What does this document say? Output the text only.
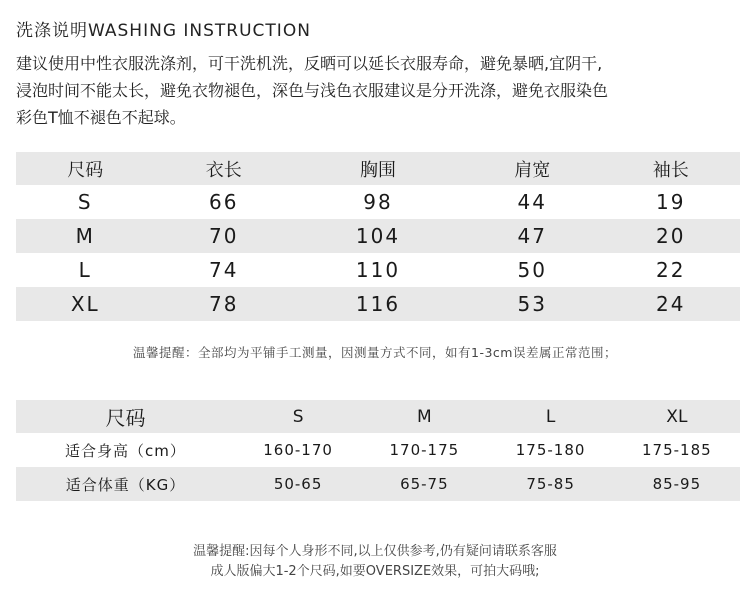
洗涤说明WASHING INSTRUCTION
建议使用中性衣服洗涤剂，可干洗机洗，反晒可以延长衣服寿命，避免暴晒,宜阴干,
浸泡时间不能太长，避免衣物褪色，深色与浅色衣服建议是分开洗涤，避免衣服染色
彩色T恤不褪色不起球。
尺码	衣长	胸围	肩宽	袖长
S	66	98	44	19
M	70	104	47	20
L	74	110	50	22
XL	78	116	53	24
温馨提醒：全部均为平铺手工测量，因测量方式不同，如有1-3cm误差属正常范围；
尺码	S	M	L	XL
适合身高（cm）	160-170	170-175	175-180	175-185
适合体重（KG）	50-65	65-75	75-85	85-95
温馨提醒:因每个人身形不同,以上仅供参考,仍有疑问请联系客服
成人版偏大1-2个尺码,如要OVERSIZE效果，可拍大码哦;
